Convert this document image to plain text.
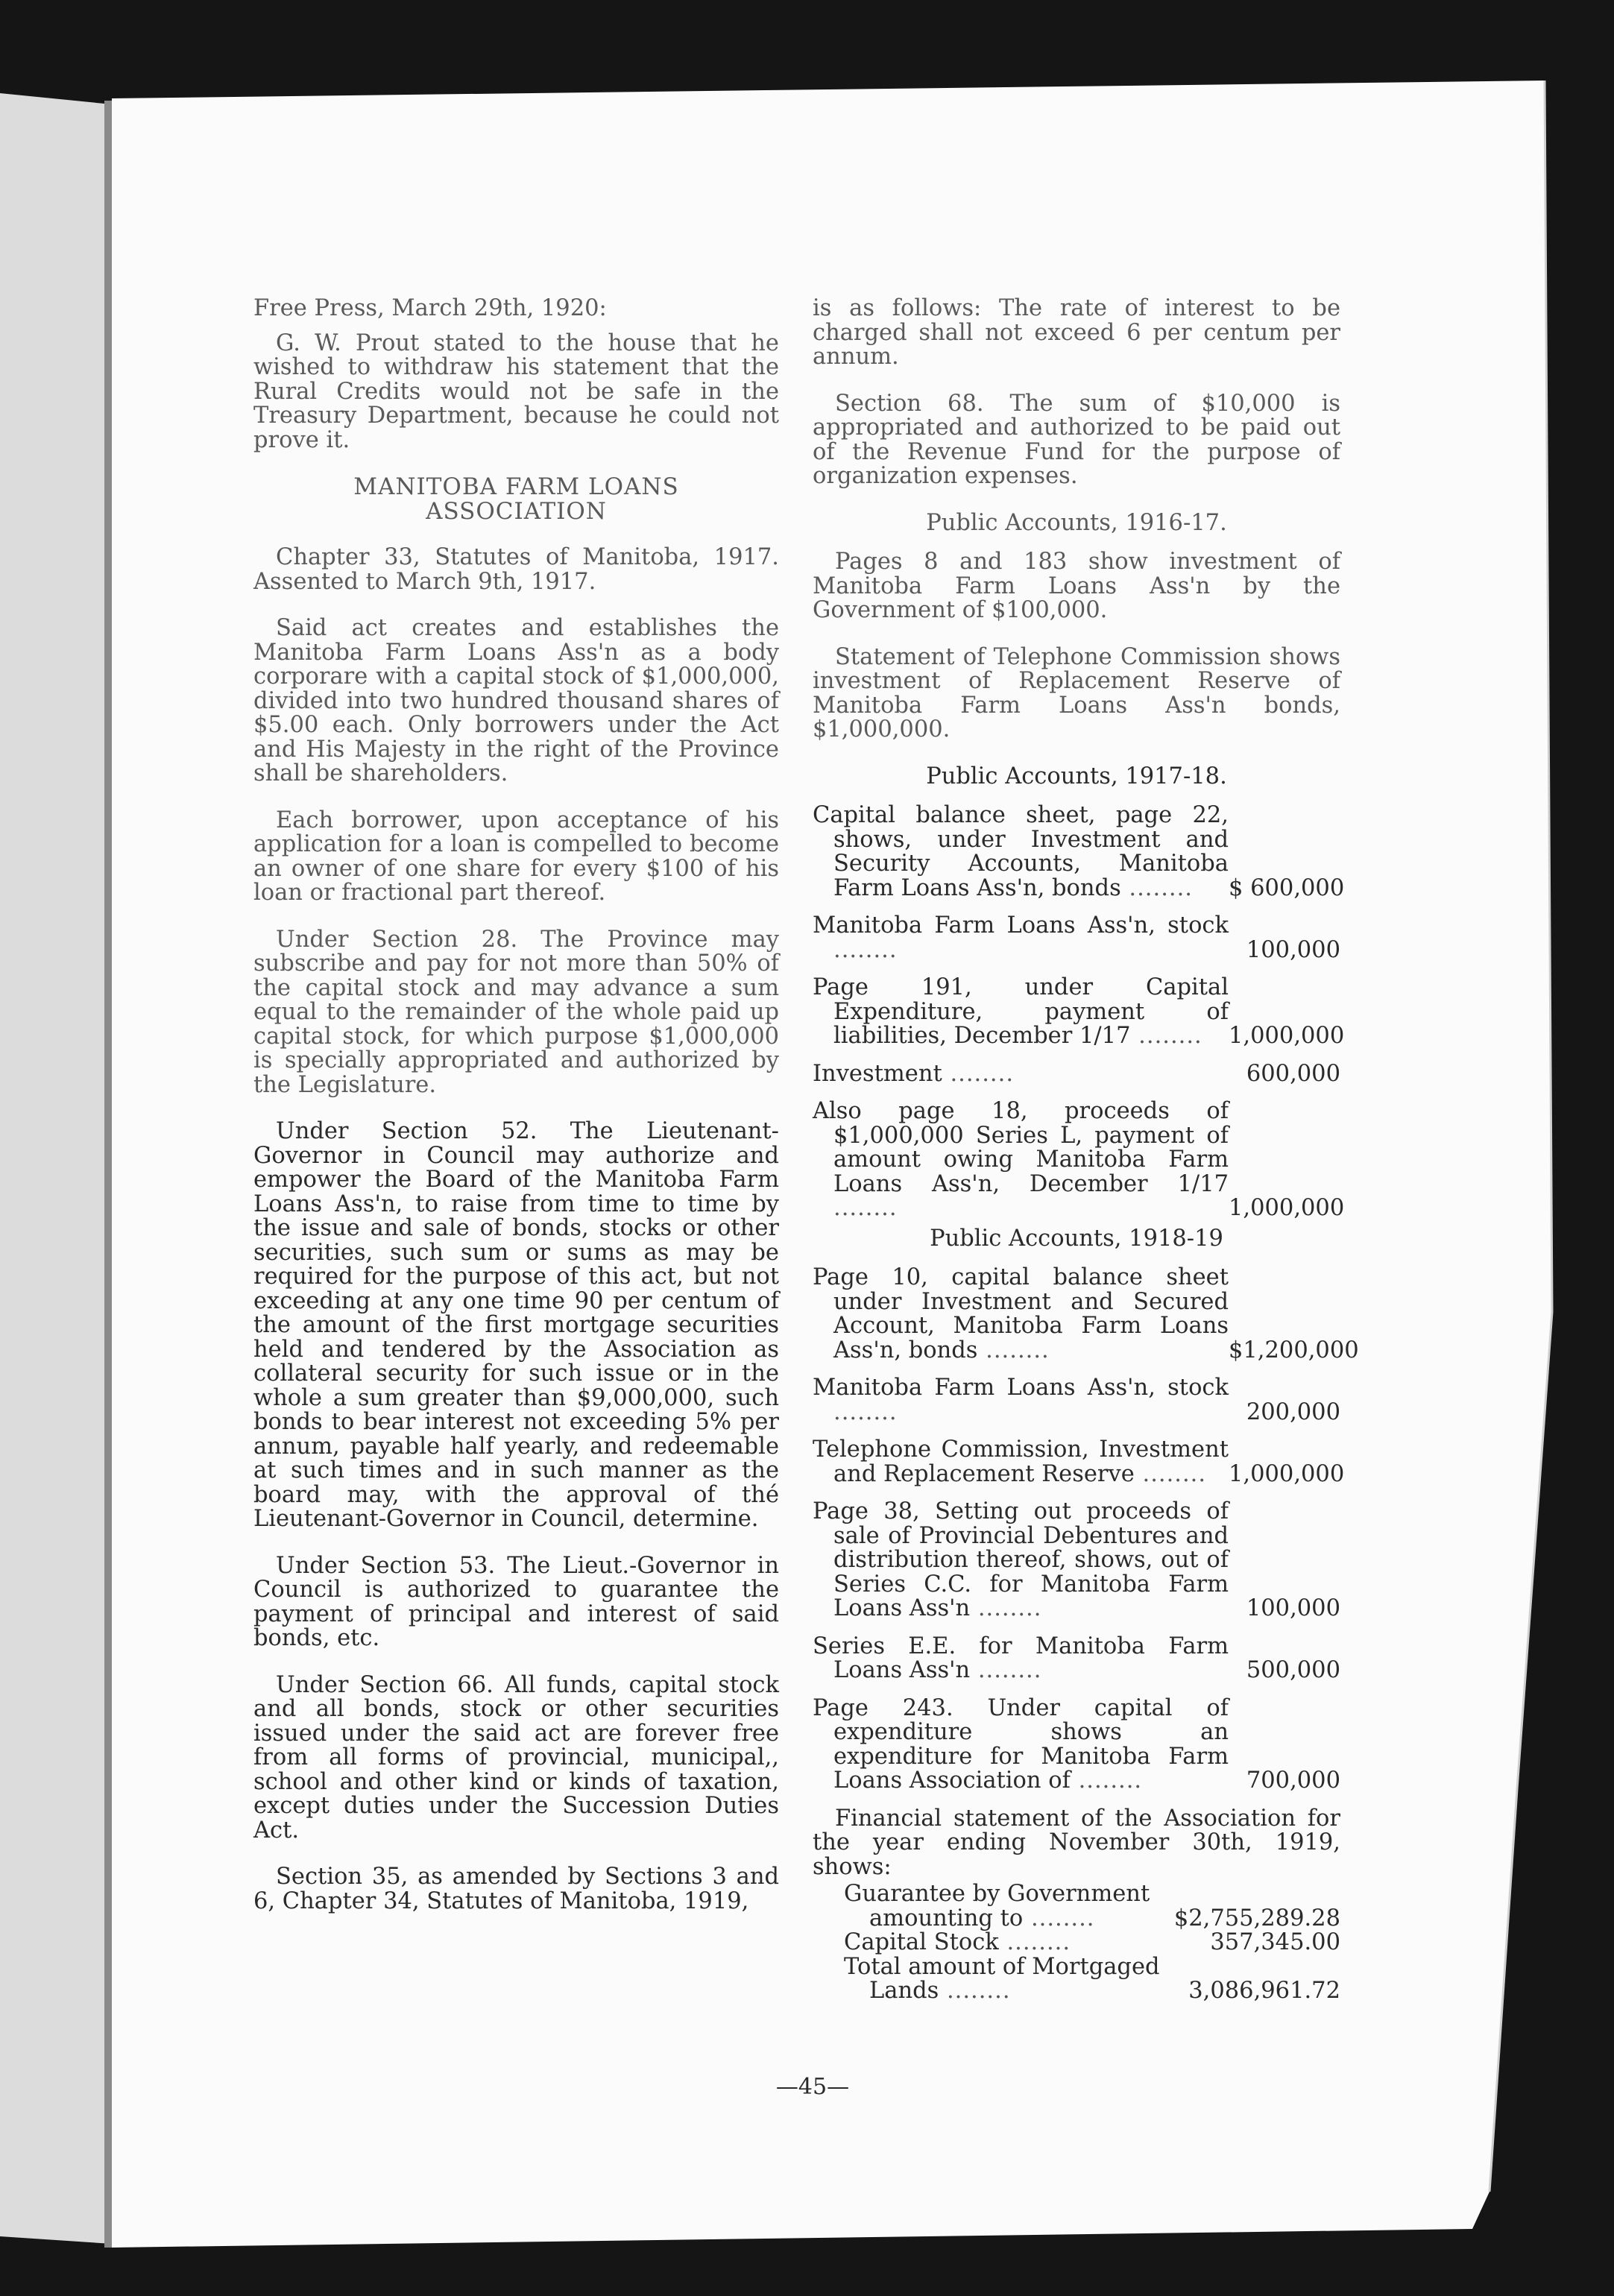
Free Press, March 29th, 1920:

G. W. Prout stated to the house that he wished to withdraw his statement that the Rural Credits would not be safe in the Treasury Department, because he could not prove it.

MANITOBA FARM LOANS
ASSOCIATION

Chapter 33, Statutes of Manitoba, 1917. Assented to March 9th, 1917.

Said act creates and establishes the Manitoba Farm Loans Ass'n as a body corporare with a capital stock of $1,000,000, divided into two hundred thousand shares of $5.00 each. Only borrowers under the Act and His Majesty in the right of the Province shall be shareholders.

Each borrower, upon acceptance of his application for a loan is compelled to become an owner of one share for every $100 of his loan or fractional part thereof.

Under Section 28. The Province may subscribe and pay for not more than 50% of the capital stock and may advance a sum equal to the remainder of the whole paid up capital stock, for which purpose $1,000,000 is specially appropriated and authorized by the Legislature.

Under Section 52. The Lieutenant-Governor in Council may authorize and empower the Board of the Manitoba Farm Loans Ass'n, to raise from time to time by the issue and sale of bonds, stocks or other securities, such sum or sums as may be required for the purpose of this act, but not exceeding at any one time 90 per centum of the amount of the first mortgage securities held and tendered by the Association as collateral security for such issue or in the whole a sum greater than $9,000,000, such bonds to bear interest not exceeding 5% per annum, payable half yearly, and redeemable at such times and in such manner as the board may, with the approval of thé Lieutenant-Governor in Council, determine.

Under Section 53. The Lieut.-Governor in Council is authorized to guarantee the payment of principal and interest of said bonds, etc.

Under Section 66. All funds, capital stock and all bonds, stock or other securities issued under the said act are forever free from all forms of provincial, municipal,, school and other kind or kinds of taxation, except duties under the Succession Duties Act.

Section 35, as amended by Sections 3 and 6, Chapter 34, Statutes of Manitoba, 1919,

is as follows: The rate of interest to be charged shall not exceed 6 per centum per annum.

Section 68. The sum of $10,000 is appropriated and authorized to be paid out of the Revenue Fund for the purpose of organization expenses.

Public Accounts, 1916-17.

Pages 8 and 183 show investment of Manitoba Farm Loans Ass'n by the Government of $100,000.

Statement of Telephone Commission shows investment of Replacement Reserve of Manitoba Farm Loans Ass'n bonds, $1,000,000.

Public Accounts, 1917-18.
Capital balance sheet, page 22, shows, under Investment and Security Accounts, Manitoba Farm Loans Ass'n, bonds ........	$ 600,000
Manitoba Farm Loans Ass'n, stock ........	100,000
Page 191, under Capital Expenditure, payment of liabilities, December 1/17 ........	1,000,000
Investment ........	600,000
Also page 18, proceeds of $1,000,000 Series L, payment of amount owing Manitoba Farm Loans Ass'n, December 1/17 ........	1,000,000
Public Accounts, 1918-19
Page 10, capital balance sheet under Investment and Secured Account, Manitoba Farm Loans Ass'n, bonds ........	$1,200,000
Manitoba Farm Loans Ass'n, stock ........	200,000
Telephone Commission, Investment and Replacement Reserve ........ 1,000,000
Page 38, Setting out proceeds of sale of Provincial Debentures and distribution thereof, shows, out of Series C.C. for Manitoba Farm Loans Ass'n ........	100,000
Series E.E. for Manitoba Farm Loans Ass'n ........	500,000
Page 243. Under capital of expenditure shows an expenditure for Manitoba Farm Loans Association of ........	700,000

Financial statement of the Association for the year ending November 30th, 1919, shows:

Guarantee by Government amounting to ........	$2,755,289.28
Capital Stock ........	357,345.00
Total amount of Mortgaged Lands ........	3,086,961.72
—45—
